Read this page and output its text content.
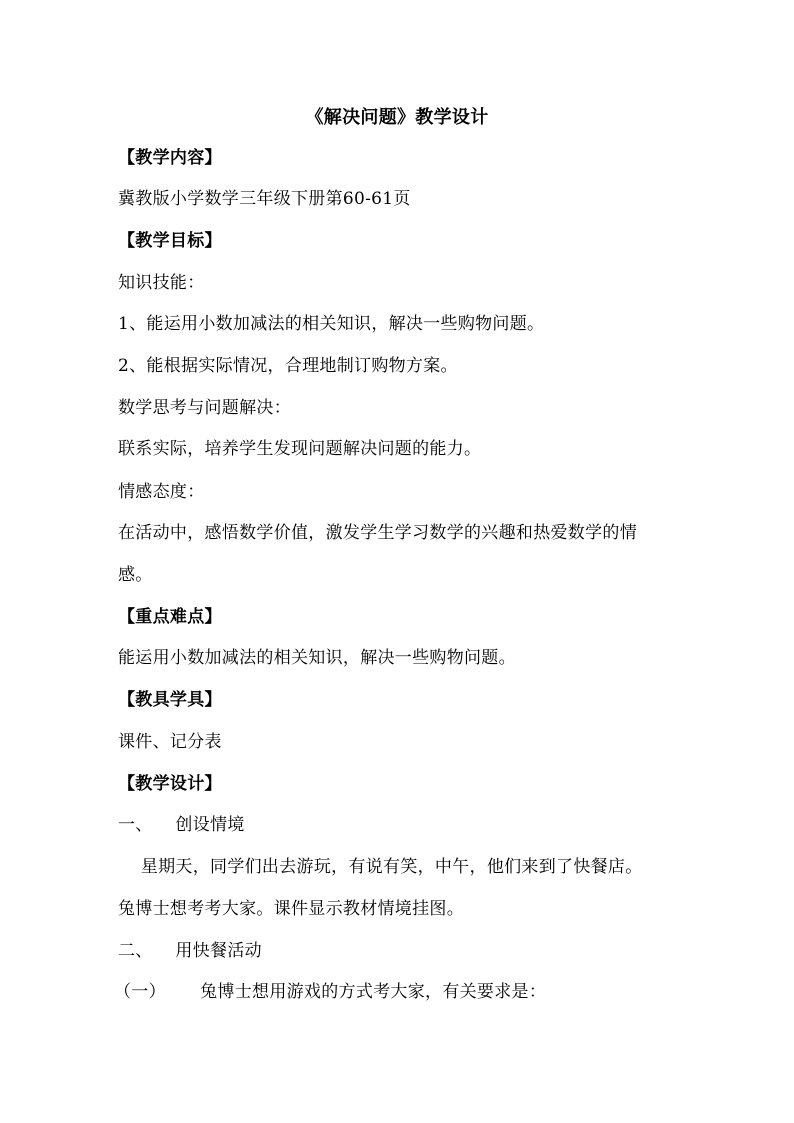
《解决问题》教学设计
【教学内容】
冀教版小学数学三年级下册第60-61页
【教学目标】
知识技能：
1、能运用小数加减法的相关知识，解决一些购物问题。
2、能根据实际情况，合理地制订购物方案。
数学思考与问题解决：
联系实际，培养学生发现问题解决问题的能力。
情感态度：
在活动中，感悟数学价值，激发学生学习数学的兴趣和热爱数学的情
感。
【重点难点】
能运用小数加减法的相关知识，解决一些购物问题。
【教具学具】
课件、记分表
【教学设计】
一、    创设情境
星期天，同学们出去游玩，有说有笑，中午，他们来到了快餐店。
兔博士想考考大家。课件显示教材情境挂图。
二、    用快餐活动
（一）      兔博士想用游戏的方式考大家，有关要求是：
